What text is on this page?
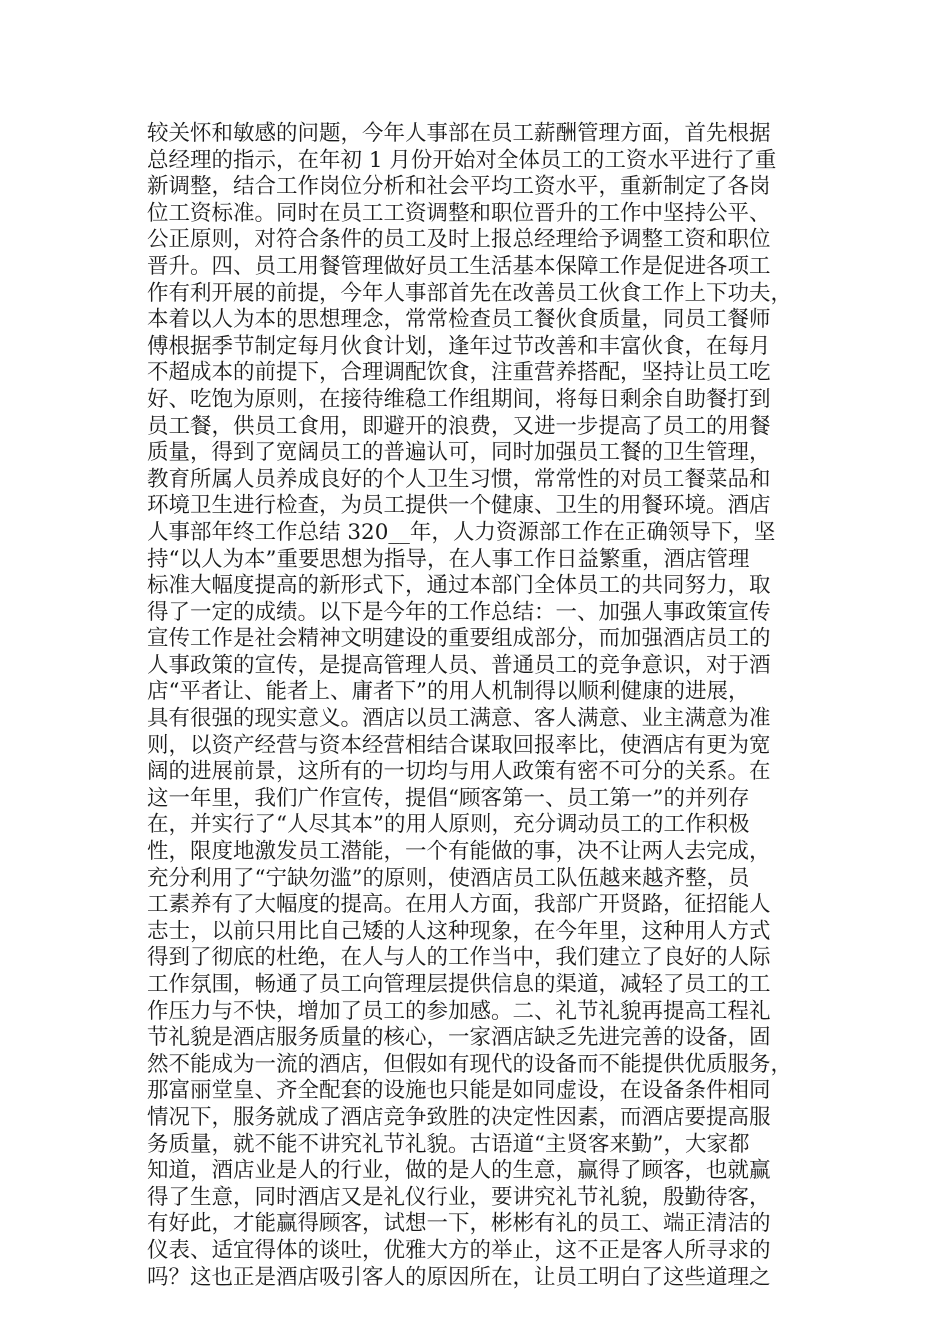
较关怀和敏感的问题，今年人事部在员工薪酬管理方面，首先根据
总经理的指示，在年初 1 月份开始对全体员工的工资水平进行了重
新调整，结合工作岗位分析和社会平均工资水平，重新制定了各岗
位工资标准。同时在员工工资调整和职位晋升的工作中坚持公平、
公正原则，对符合条件的员工及时上报总经理给予调整工资和职位
晋升。四、员工用餐管理做好员工生活基本保障工作是促进各项工
作有利开展的前提，今年人事部首先在改善员工伙食工作上下功夫，
本着以人为本的思想理念，常常检查员工餐伙食质量，同员工餐师
傅根据季节制定每月伙食计划，逢年过节改善和丰富伙食，在每月
不超成本的前提下，合理调配饮食，注重营养搭配，坚持让员工吃
好、吃饱为原则，在接待维稳工作组期间，将每日剩余自助餐打到
员工餐，供员工食用，即避开的浪费，又进一步提高了员工的用餐
质量，得到了宽阔员工的普遍认可，同时加强员工餐的卫生管理，
教育所属人员养成良好的个人卫生习惯，常常性的对员工餐菜品和
环境卫生进行检查，为员工提供一个健康、卫生的用餐环境。酒店
人事部年终工作总结 320__年，人力资源部工作在正确领导下，坚
持“以人为本”重要思想为指导，在人事工作日益繁重，酒店管理
标准大幅度提高的新形式下，通过本部门全体员工的共同努力，取
得了一定的成绩。以下是今年的工作总结：一、加强人事政策宣传
宣传工作是社会精神文明建设的重要组成部分，而加强酒店员工的
人事政策的宣传，是提高管理人员、普通员工的竞争意识，对于酒
店“平者让、能者上、庸者下”的用人机制得以顺利健康的进展，
具有很强的现实意义。酒店以员工满意、客人满意、业主满意为准
则，以资产经营与资本经营相结合谋取回报率比，使酒店有更为宽
阔的进展前景，这所有的一切均与用人政策有密不可分的关系。在
这一年里，我们广作宣传，提倡“顾客第一、员工第一”的并列存
在，并实行了“人尽其本”的用人原则，充分调动员工的工作积极
性，限度地激发员工潜能，一个有能做的事，决不让两人去完成，
充分利用了“宁缺勿滥”的原则，使酒店员工队伍越来越齐整，员
工素养有了大幅度的提高。在用人方面，我部广开贤路，征招能人
志士，以前只用比自己矮的人这种现象，在今年里，这种用人方式
得到了彻底的杜绝，在人与人的工作当中，我们建立了良好的人际
工作氛围，畅通了员工向管理层提供信息的渠道，减轻了员工的工
作压力与不快，增加了员工的参加感。二、礼节礼貌再提高工程礼
节礼貌是酒店服务质量的核心，一家酒店缺乏先进完善的设备，固
然不能成为一流的酒店，但假如有现代的设备而不能提供优质服务，
那富丽堂皇、齐全配套的设施也只能是如同虚设，在设备条件相同
情况下，服务就成了酒店竞争致胜的决定性因素，而酒店要提高服
务质量，就不能不讲究礼节礼貌。古语道“主贤客来勤”，大家都
知道，酒店业是人的行业，做的是人的生意，赢得了顾客，也就赢
得了生意，同时酒店又是礼仪行业，要讲究礼节礼貌，殷勤待客，
有好此，才能赢得顾客，试想一下，彬彬有礼的员工、端正清洁的
仪表、适宜得体的谈吐，优雅大方的举止，这不正是客人所寻求的
吗？这也正是酒店吸引客人的原因所在，让员工明白了这些道理之
